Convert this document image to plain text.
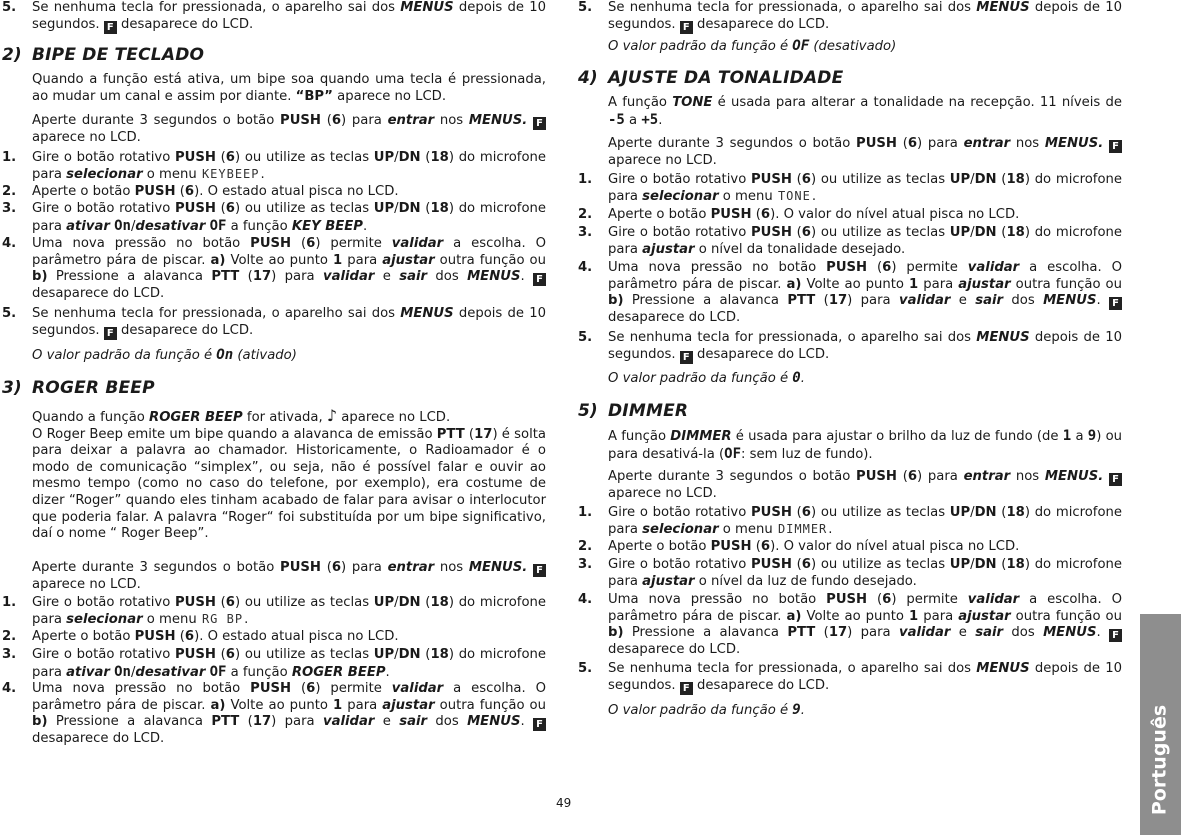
5. Se nenhuma tecla for pressionada, o aparelho sai dos MENUS depois de 10 segundos. F desaparece do LCD.

2) BIPE DE TECLADO

Quando a função está ativa, um bipe soa quando uma tecla é pressionada, ao mudar um canal e assim por diante. “BP” aparece no LCD.

Aperte durante 3 segundos o botão PUSH (6) para entrar nos MENUS. F aparece no LCD.

1. Gire o botão rotativo PUSH (6) ou utilize as teclas UP/DN (18) do microfone para selecionar o menu KEYBEEP.

2. Aperte o botão PUSH (6). O estado atual pisca no LCD.

3. Gire o botão rotativo PUSH (6) ou utilize as teclas UP/DN (18) do microfone para ativar On/desativar OF a função KEY BEEP.

4. Uma nova pressão no botão PUSH (6) permite validar a escolha. O parâmetro pára de piscar. a) Volte ao punto 1 para ajustar outra função ou b) Pressione a alavanca PTT (17) para validar e sair dos MENUS. F desaparece do LCD.

5. Se nenhuma tecla for pressionada, o aparelho sai dos MENUS depois de 10 segundos. F desaparece do LCD.

O valor padrão da função é On (ativado)

3) ROGER BEEP

Quando a função ROGER BEEP for ativada, ♪ aparece no LCD.
O Roger Beep emite um bipe quando a alavanca de emissão PTT (17) é solta para deixar a palavra ao chamador. Historicamente, o Radioamador é o modo de comunicação “simplex”, ou seja, não é possível falar e ouvir ao mesmo tempo (como no caso do telefone, por exemplo), era costume de dizer “Roger” quando eles tinham acabado de falar para avisar o interlocutor que poderia falar. A palavra “Roger“ foi substituída por um bipe significativo, daí o nome “ Roger Beep”.

Aperte durante 3 segundos o botão PUSH (6) para entrar nos MENUS. F aparece no LCD.

1. Gire o botão rotativo PUSH (6) ou utilize as teclas UP/DN (18) do microfone para selecionar o menu RG BP.

2. Aperte o botão PUSH (6). O estado atual pisca no LCD.

3. Gire o botão rotativo PUSH (6) ou utilize as teclas UP/DN (18) do microfone para ativar On/desativar OF a função ROGER BEEP.

4. Uma nova pressão no botão PUSH (6) permite validar a escolha. O parâmetro pára de piscar. a) Volte ao punto 1 para ajustar outra função ou b) Pressione a alavanca PTT (17) para validar e sair dos MENUS. F desaparece do LCD.

5. Se nenhuma tecla for pressionada, o aparelho sai dos MENUS depois de 10 segundos. F desaparece do LCD.

O valor padrão da função é OF (desativado)

4) AJUSTE DA TONALIDADE

A função TONE é usada para alterar a tonalidade na recepção. 11 níveis de -5 a +5.

Aperte durante 3 segundos o botão PUSH (6) para entrar nos MENUS. F aparece no LCD.

1. Gire o botão rotativo PUSH (6) ou utilize as teclas UP/DN (18) do microfone para selecionar o menu TONE.

2. Aperte o botão PUSH (6). O valor do nível atual pisca no LCD.

3. Gire o botão rotativo PUSH (6) ou utilize as teclas UP/DN (18) do microfone para ajustar o nível da tonalidade desejado.

4. Uma nova pressão no botão PUSH (6) permite validar a escolha. O parâmetro pára de piscar. a) Volte ao punto 1 para ajustar outra função ou b) Pressione a alavanca PTT (17) para validar e sair dos MENUS. F desaparece do LCD.

5. Se nenhuma tecla for pressionada, o aparelho sai dos MENUS depois de 10 segundos. F desaparece do LCD.

O valor padrão da função é 0.

5) DIMMER

A função DIMMER é usada para ajustar o brilho da luz de fundo (de 1 a 9) ou para desativá-la (OF: sem luz de fundo).

Aperte durante 3 segundos o botão PUSH (6) para entrar nos MENUS. F aparece no LCD.

1. Gire o botão rotativo PUSH (6) ou utilize as teclas UP/DN (18) do microfone para selecionar o menu DIMMER.

2. Aperte o botão PUSH (6). O valor do nível atual pisca no LCD.

3. Gire o botão rotativo PUSH (6) ou utilize as teclas UP/DN (18) do microfone para ajustar o nível da luz de fundo desejado.

4. Uma nova pressão no botão PUSH (6) permite validar a escolha. O parâmetro pára de piscar. a) Volte ao punto 1 para ajustar outra função ou b) Pressione a alavanca PTT (17) para validar e sair dos MENUS. F desaparece do LCD.

5. Se nenhuma tecla for pressionada, o aparelho sai dos MENUS depois de 10 segundos. F desaparece do LCD.

O valor padrão da função é 9.

49	Português
